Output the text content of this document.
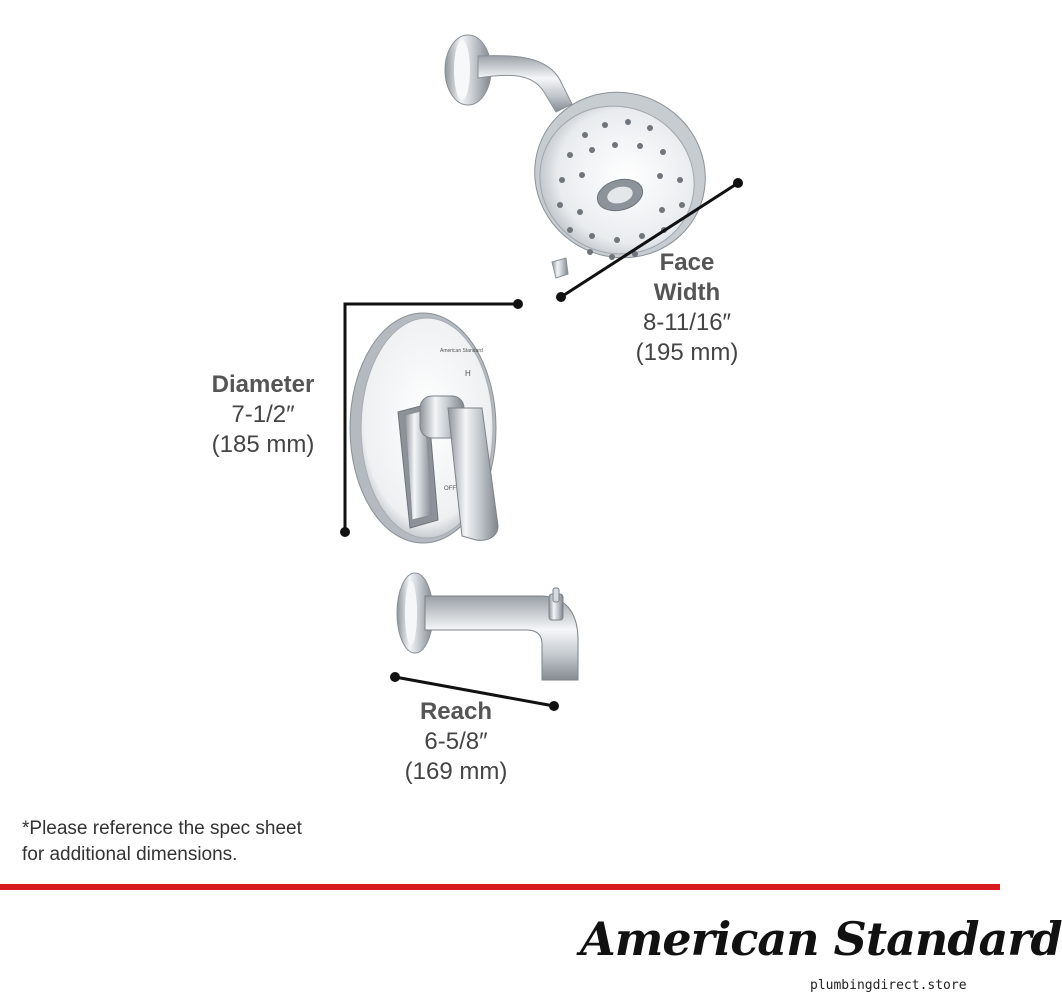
American Standard
H
OFF
Face Width
8-11/16″
(195 mm)
Diameter
7-1/2″
(185 mm)
Reach
6-5/8″
(169 mm)
*Please reference the spec sheet
for additional dimensions.
American Standard
plumbingdirect.store
